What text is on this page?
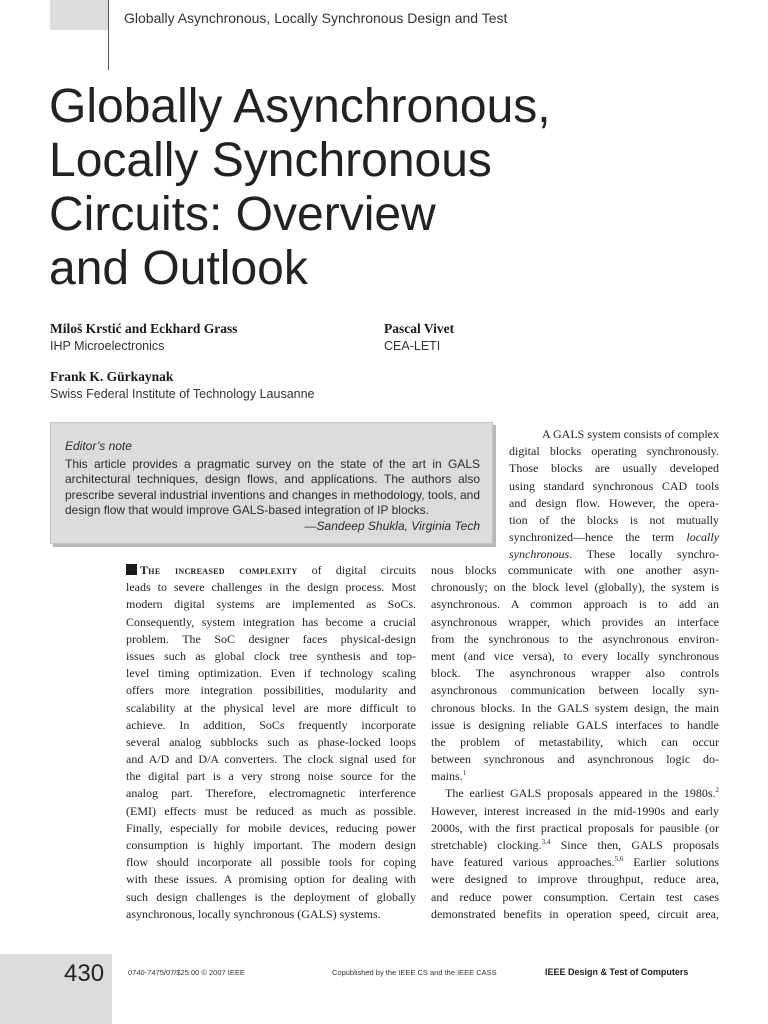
Globally Asynchronous, Locally Synchronous Design and Test
Globally Asynchronous,
Locally Synchronous
Circuits: Overview
and Outlook
Miloš Krstić and Eckhard Grass
IHP Microelectronics
Pascal Vivet
CEA-LETI
Frank K. Gürkaynak
Swiss Federal Institute of Technology Lausanne
Editor’s note
This article provides a pragmatic survey on the state of the art in GALS architectural techniques, design flows, and applications. The authors also prescribe several industrial inventions and changes in methodology, tools, and design flow that would improve GALS-based integration of IP blocks.
—Sandeep Shukla, Virginia Tech
A GALS system consists of complex
digital blocks operating synchronously.
Those blocks are usually developed
using standard synchronous CAD tools
and design flow. However, the opera-
tion of the blocks is not mutually
synchronized—hence the term locally
synchronous. These locally synchro-
The increased complexity of digital circuits
leads to severe challenges in the design process. Most
modern digital systems are implemented as SoCs.
Consequently, system integration has become a crucial
problem. The SoC designer faces physical-design
issues such as global clock tree synthesis and top-
level timing optimization. Even if technology scaling
offers more integration possibilities, modularity and
scalability at the physical level are more difficult to
achieve. In addition, SoCs frequently incorporate
several analog subblocks such as phase-locked loops
and A/D and D/A converters. The clock signal used for
the digital part is a very strong noise source for the
analog part. Therefore, electromagnetic interference
(EMI) effects must be reduced as much as possible.
Finally, especially for mobile devices, reducing power
consumption is highly important. The modern design
flow should incorporate all possible tools for coping
with these issues. A promising option for dealing with
such design challenges is the deployment of globally
asynchronous, locally synchronous (GALS) systems.
nous blocks communicate with one another asyn-
chronously; on the block level (globally), the system is
asynchronous. A common approach is to add an
asynchronous wrapper, which provides an interface
from the synchronous to the asynchronous environ-
ment (and vice versa), to every locally synchronous
block. The asynchronous wrapper also controls
asynchronous communication between locally syn-
chronous blocks. In the GALS system design, the main
issue is designing reliable GALS interfaces to handle
the problem of metastability, which can occur
between synchronous and asynchronous logic do-
mains.$^1$
The earliest GALS proposals appeared in the 1980s.$^2$
However, interest increased in the mid-1990s and early
2000s, with the first practical proposals for pausible (or
stretchable) clocking.$^{3,4}$ Since then, GALS proposals
have featured various approaches.$^{5,6}$ Earlier solutions
were designed to improve throughput, reduce area,
and reduce power consumption. Certain test cases
demonstrated benefits in operation speed, circuit area,
430	0740-7475/07/$25.00 © 2007 IEEE	Copublished by the IEEE CS and the IEEE CASS	IEEE Design & Test of Computers
